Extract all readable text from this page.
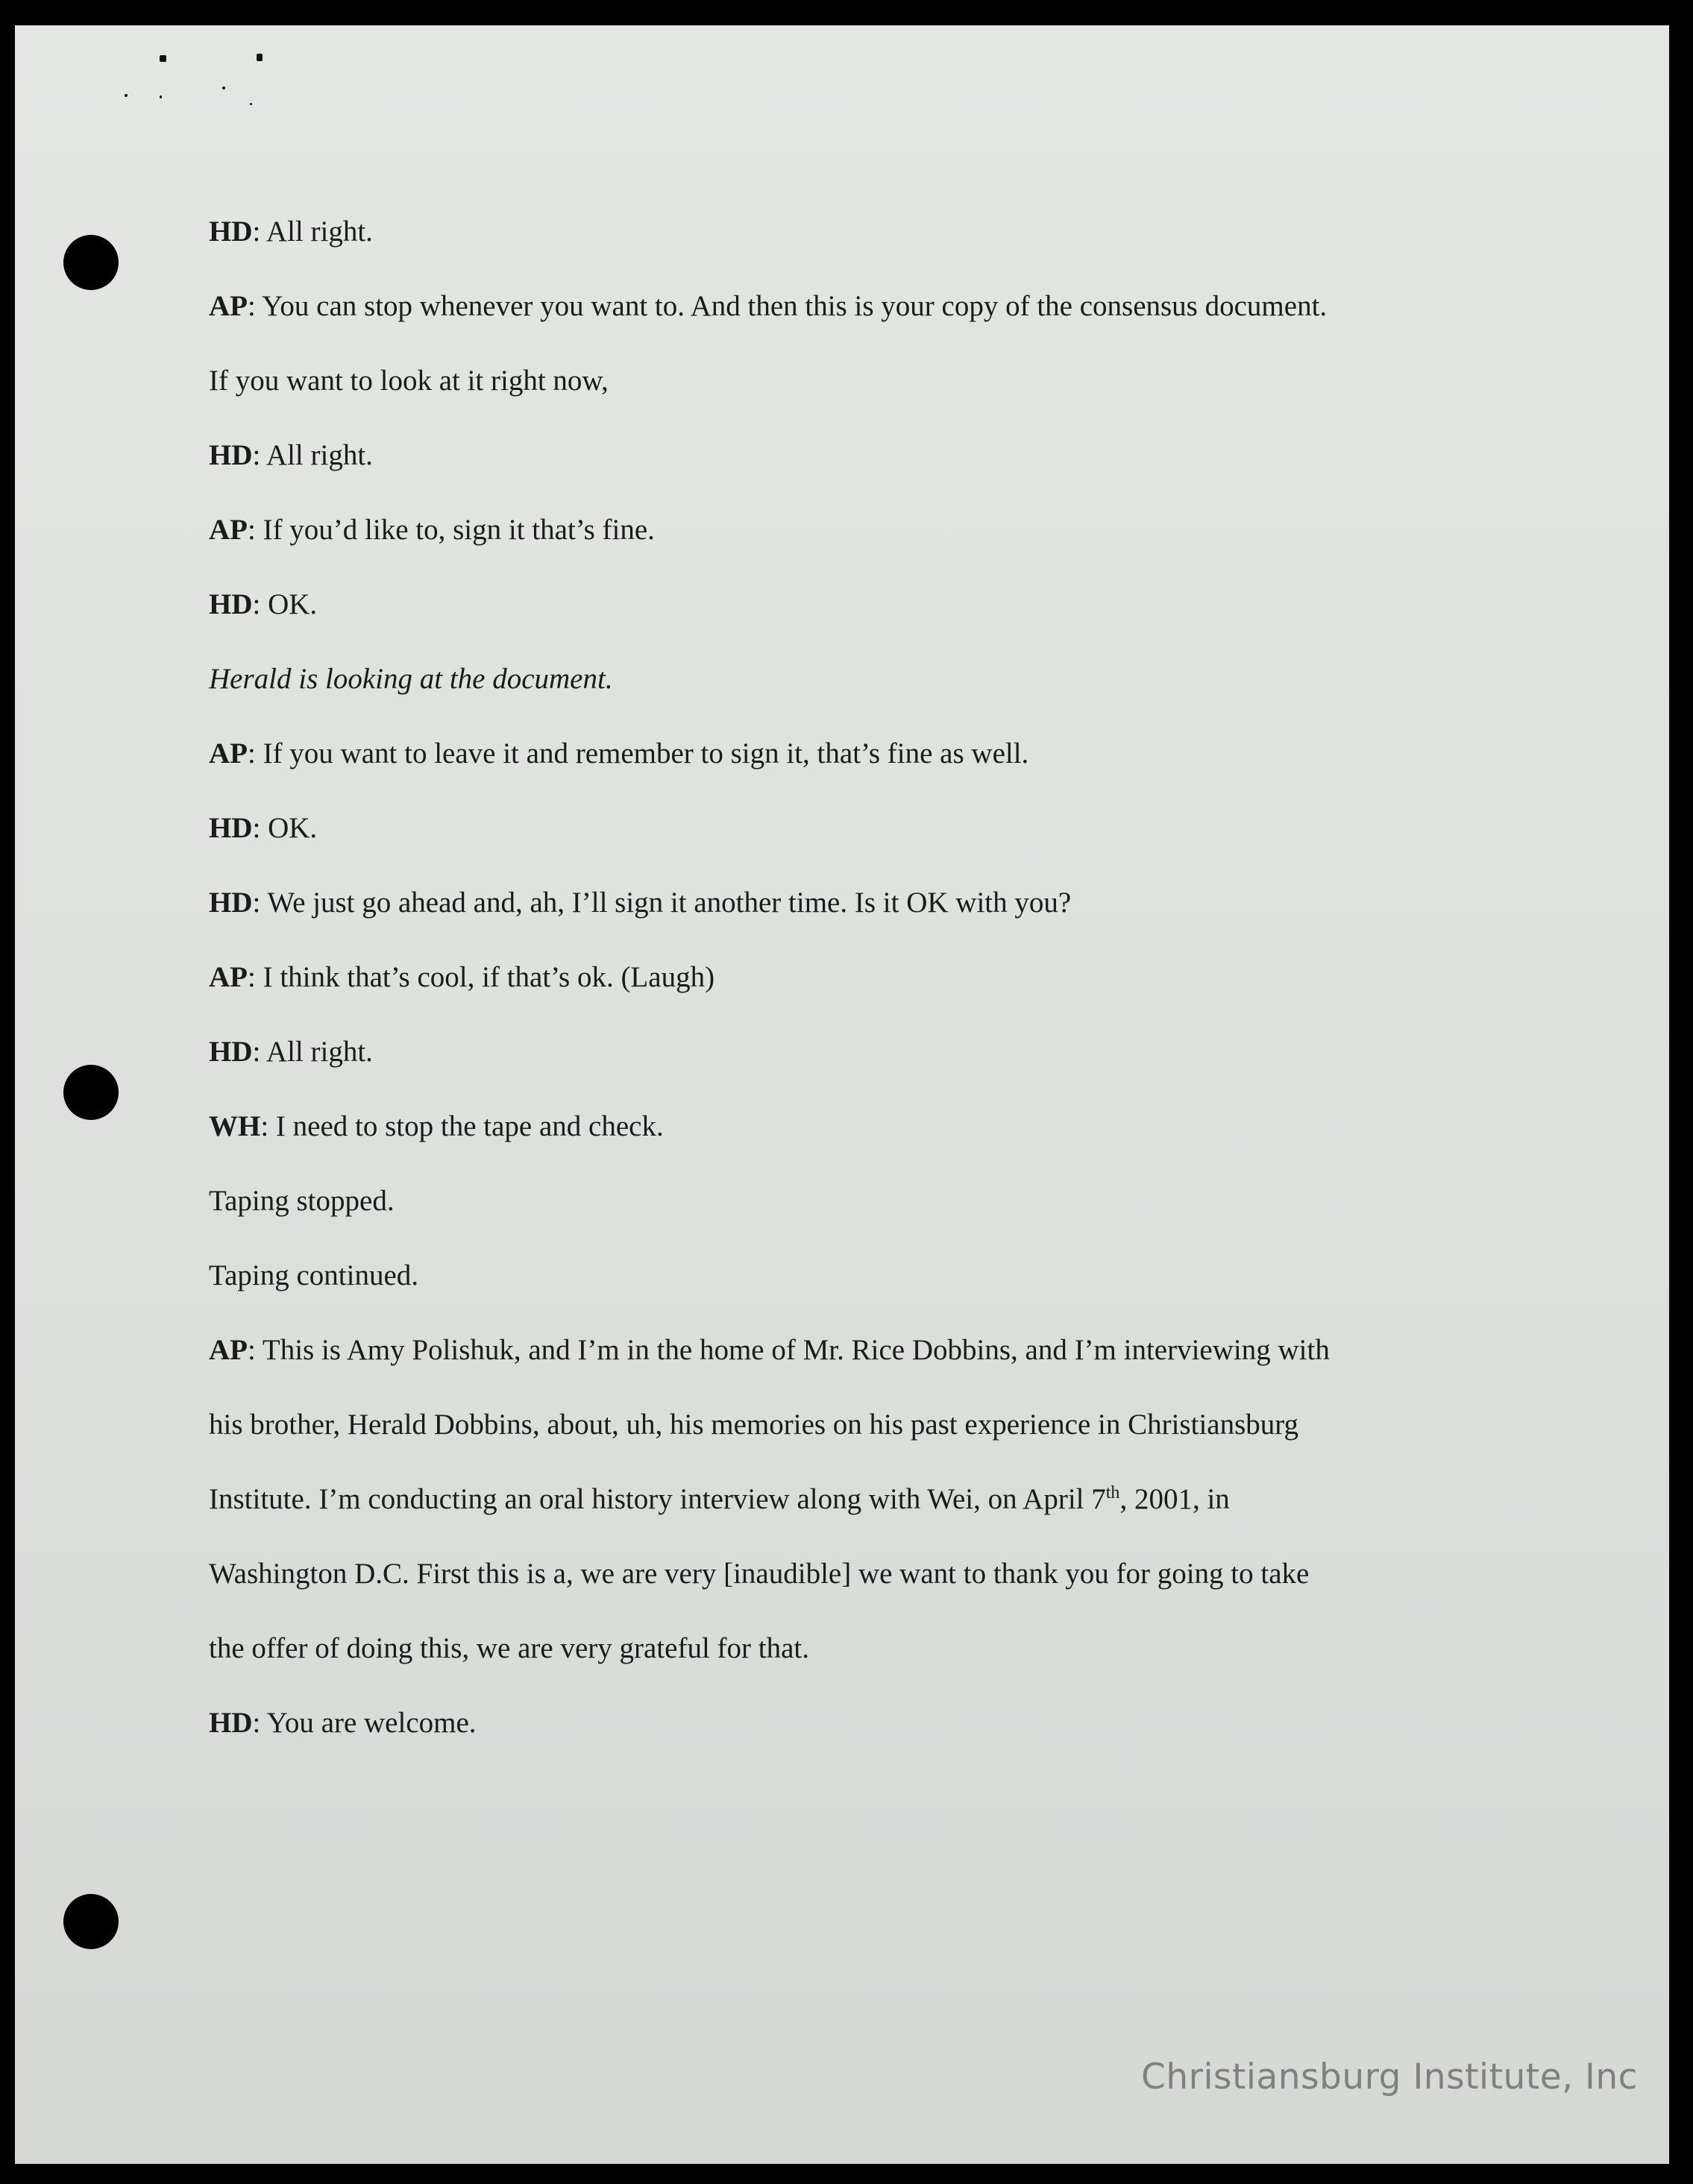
HD: All right.
AP: You can stop whenever you want to. And then this is your copy of the consensus document.
If you want to look at it right now,
HD: All right.
AP: If you’d like to, sign it that’s fine.
HD: OK.
Herald is looking at the document.
AP: If you want to leave it and remember to sign it, that’s fine as well.
HD: OK.
HD: We just go ahead and, ah, I’ll sign it another time. Is it OK with you?
AP: I think that’s cool, if that’s ok. (Laugh)
HD: All right.
WH: I need to stop the tape and check.
Taping stopped.
Taping continued.
AP: This is Amy Polishuk, and I’m in the home of Mr. Rice Dobbins, and I’m interviewing with
his brother, Herald Dobbins, about, uh, his memories on his past experience in Christiansburg
Institute. I’m conducting an oral history interview along with Wei, on April 7th, 2001, in
Washington D.C. First this is a, we are very [inaudible] we want to thank you for going to take
the offer of doing this, we are very grateful for that.
HD: You are welcome.
Christiansburg Institute, Inc
